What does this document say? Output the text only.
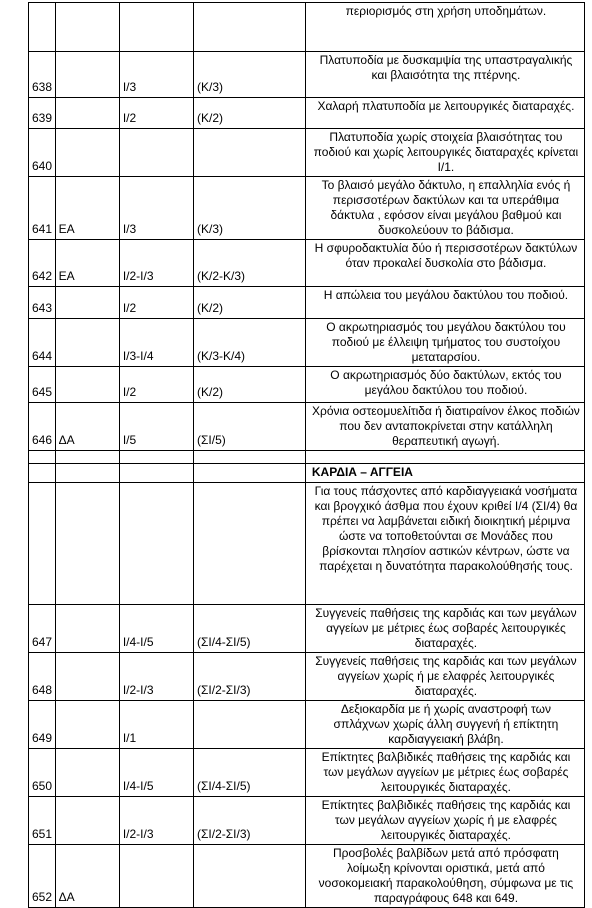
				περιορισμός στη χρήση υποδημάτων.
638		I/3	(K/3)	Πλατυποδία με δυσκαμψία της υπαστραγαλικής και βλαισότητα της πτέρνης.
639		I/2	(K/2)	Χαλαρή πλατυποδία με λειτουργικές διαταραχές.
640				Πλατυποδία χωρίς στοιχεία βλαισότητας του ποδιού και χωρίς λειτουργικές διαταραχές κρίνεται I/1.
641	ΕΑ	I/3	(K/3)	Το βλαισό μεγάλο δάκτυλο, η επαλληλία ενός ή περισσοτέρων δακτύλων και τα υπεράθιμα δάκτυλα , εφόσον είναι μεγάλου βαθμού και δυσκολεύουν το βάδισμα.
642	ΕΑ	I/2-I/3	(K/2-K/3)	Η σφυροδακτυλία δύο ή περισσοτέρων δακτύλων όταν προκαλεί δυσκολία στο βάδισμα.
643		I/2	(K/2)	Η απώλεια του μεγάλου δακτύλου του ποδιού.
644		I/3-I/4	(K/3-K/4)	Ο ακρωτηριασμός του μεγάλου δακτύλου του ποδιού με έλλειψη τμήματος του συστοίχου μεταταρσίου.
645		I/2	(K/2)	Ο ακρωτηριασμός δύο δακτύλων, εκτός του μεγάλου δακτύλου του ποδιού.
646	ΔΑ	I/5	(ΣI/5)	Χρόνια οστεομυελίτιδα ή διατιραίνον έλκος ποδιών που δεν ανταποκρίνεται στην κατάλληλη θεραπευτική αγωγή.

				ΚΑΡΔΙΑ – ΑΓΓΕΙΑ
				Για τους πάσχοντες από καρδιαγγειακά νοσήματα και βρογχικό άσθμα που έχουν κριθεί I/4 (ΣI/4) θα πρέπει να λαμβάνεται ειδική διοικητική μέριμνα ώστε να τοποθετούνται σε Μονάδες που βρίσκονται πλησίον αστικών κέντρων, ώστε να παρέχεται η δυνατότητα παρακολούθησής τους.
647		I/4-I/5	(ΣI/4-ΣI/5)	Συγγενείς παθήσεις της καρδιάς και των μεγάλων αγγείων με μέτριες έως σοβαρές λειτουργικές διαταραχές.
648		I/2-I/3	(ΣI/2-ΣI/3)	Συγγενείς παθήσεις της καρδιάς και των μεγάλων αγγείων χωρίς ή με ελαφρές λειτουργικές διαταραχές.
649		I/1		Δεξιοκαρδία με ή χωρίς αναστροφή των σπλάχνων χωρίς άλλη συγγενή ή επίκτητη καρδιαγγειακή βλάβη.
650		I/4-I/5	(ΣI/4-ΣI/5)	Επίκτητες βαλβιδικές παθήσεις της καρδιάς και των μεγάλων αγγείων με μέτριες έως σοβαρές λειτουργικές διαταραχές.
651		I/2-I/3	(ΣI/2-ΣI/3)	Επίκτητες βαλβιδικές παθήσεις της καρδιάς και των μεγάλων αγγείων χωρίς ή με ελαφρές λειτουργικές διαταραχές.
652	ΔΑ			Προσβολές βαλβίδων μετά από πρόσφατη λοίμωξη κρίνονται οριστικά, μετά από νοσοκομειακή παρακολούθηση, σύμφωνα με τις παραγράφους 648 και 649.
